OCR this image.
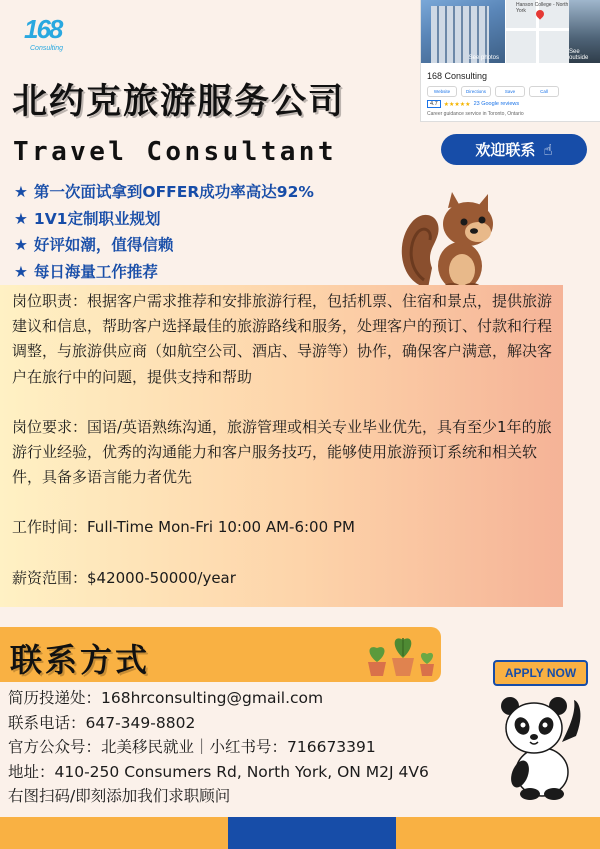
168
Consulting
See photos
Hanson College - North York
See outside
168 Consulting
Website	Directions	Save	Call
4.7	★★★★★ 23 Google reviews
Career guidance service in Toronto, Ontario
北约克旅游服务公司
Travel Consultant	欢迎联系 ☝
★ 第一次面试拿到OFFER成功率高达92%
★ 1V1定制职业规划
★ 好评如潮，值得信赖
★ 每日海量工作推荐

岗位职责：根据客户需求推荐和安排旅游行程，包括机票、住宿和景点，提供旅游建议和信息，帮助客户选择最佳的旅游路线和服务，处理客户的预订、付款和行程调整，与旅游供应商（如航空公司、酒店、导游等）协作，确保客户满意，解决客户在旅行中的问题，提供支持和帮助

岗位要求：国语/英语熟练沟通，旅游管理或相关专业毕业优先，具有至少1年的旅游行业经验，优秀的沟通能力和客户服务技巧，能够使用旅游预订系统和相关软件，具备多语言能力者优先

工作时间：Full-Time Mon-Fri 10:00 AM-6:00 PM

薪资范围：$42000-50000/year

联系方式	APPLY NOW
简历投递处：168hrconsulting@gmail.com
联系电话：647-349-8802
官方公众号：北美移民就业｜小红书号：716673391
地址：410-250 Consumers Rd, North York, ON M2J 4V6
右图扫码/即刻添加我们求职顾问
